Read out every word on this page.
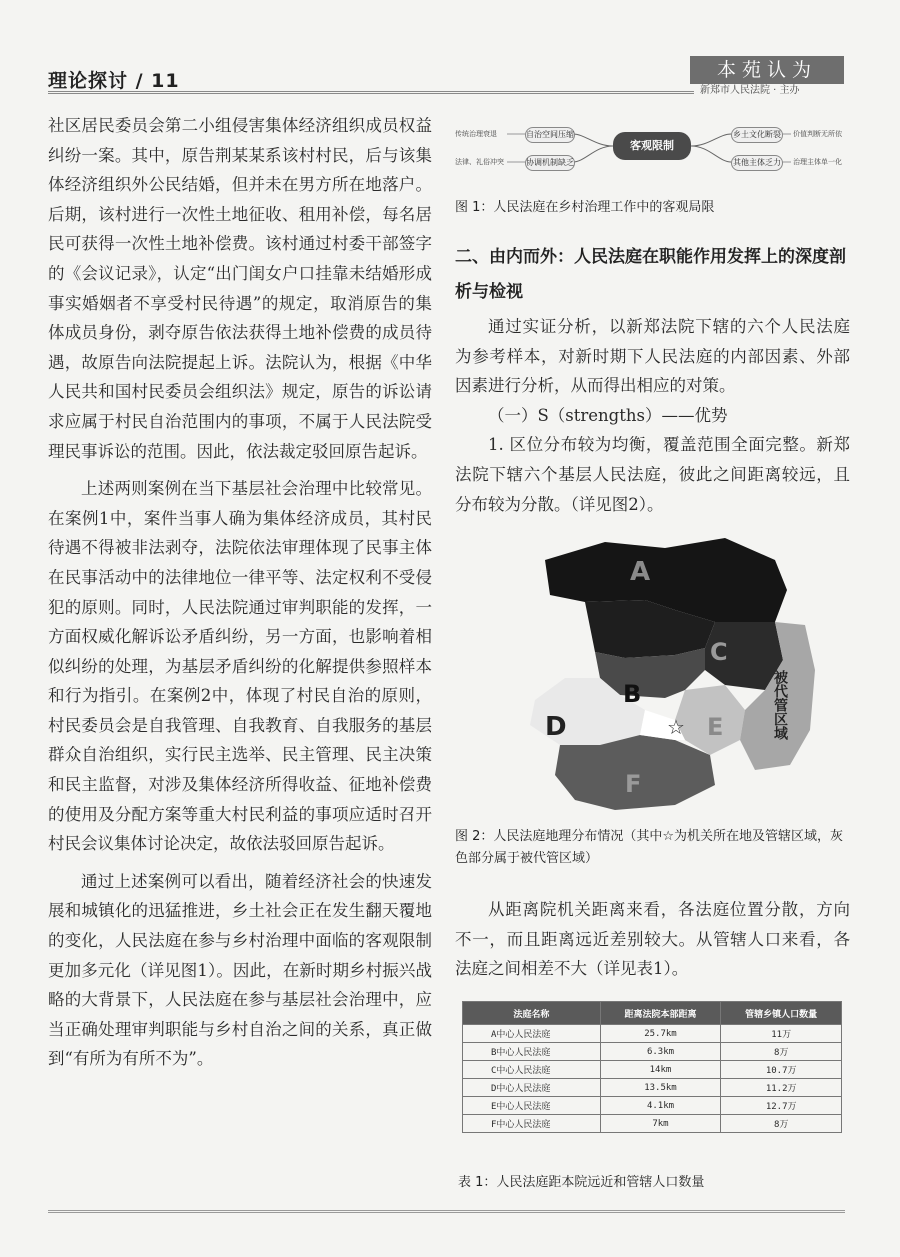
理论探讨 / 11	本苑认为
新郑市人民法院 · 主办

社区居民委员会第二小组侵害集体经济组织成员权益纠纷一案。其中，原告荆某某系该村村民，后与该集体经济组织外公民结婚，但并未在男方所在地落户。后期，该村进行一次性土地征收、租用补偿，每名居民可获得一次性土地补偿费。该村通过村委干部签字的《会议记录》，认定“出门闺女户口挂靠未结婚形成事实婚姻者不享受村民待遇”的规定，取消原告的集体成员身份，剥夺原告依法获得土地补偿费的成员待遇，故原告向法院提起上诉。法院认为，根据《中华人民共和国村民委员会组织法》规定，原告的诉讼请求应属于村民自治范围内的事项，不属于人民法院受理民事诉讼的范围。因此，依法裁定驳回原告起诉。

上述两则案例在当下基层社会治理中比较常见。在案例1中，案件当事人确为集体经济成员，其村民待遇不得被非法剥夺，法院依法审理体现了民事主体在民事活动中的法律地位一律平等、法定权利不受侵犯的原则。同时，人民法院通过审判职能的发挥，一方面权威化解诉讼矛盾纠纷，另一方面，也影响着相似纠纷的处理，为基层矛盾纠纷的化解提供参照样本和行为指引。在案例2中，体现了村民自治的原则，村民委员会是自我管理、自我教育、自我服务的基层群众自治组织，实行民主选举、民主管理、民主决策和民主监督，对涉及集体经济所得收益、征地补偿费的使用及分配方案等重大村民利益的事项应适时召开村民会议集体讨论决定，故依法驳回原告起诉。

通过上述案例可以看出，随着经济社会的快速发展和城镇化的迅猛推进，乡土社会正在发生翻天覆地的变化，人民法庭在参与乡村治理中面临的客观限制更加多元化（详见图1）。因此，在新时期乡村振兴战略的大背景下，人民法庭在参与基层社会治理中，应当正确处理审判职能与乡村自治之间的关系，真正做到“有所为有所不为”。

传统治理衰退
法律、礼俗冲突
自治空间压缩
协调机制缺乏
客观限制
乡土文化断裂
其他主体乏力
价值判断无所依
治理主体单一化
图 1：人民法庭在乡村治理工作中的客观局限
二、由内而外：人民法庭在职能作用发挥上的深度剖析与检视

通过实证分析，以新郑法院下辖的六个人民法庭为参考样本，对新时期下人民法庭的内部因素、外部因素进行分析，从而得出相应的对策。

（一）S（strengths）——优势

1. 区位分布较为均衡，覆盖范围全面完整。新郑法院下辖六个基层人民法庭，彼此之间距离较远，且分布较为分散。（详见图2）。

A
B
C
D	E
F
☆	被代管区域
图 2：人民法庭地理分布情况（其中☆为机关所在地及管辖区域，灰色部分属于被代管区域）

从距离院机关距离来看，各法庭位置分散，方向不一，而且距离远近差别较大。从管辖人口来看，各法庭之间相差不大（详见表1）。

法庭名称	距离法院本部距离	管辖乡镇人口数量
A中心人民法庭	25.7km	11万
B中心人民法庭	6.3km	8万
C中心人民法庭	14km	10.7万
D中心人民法庭	13.5km	11.2万
E中心人民法庭	4.1km	12.7万
F中心人民法庭	7km	8万
表 1：人民法庭距本院远近和管辖人口数量
